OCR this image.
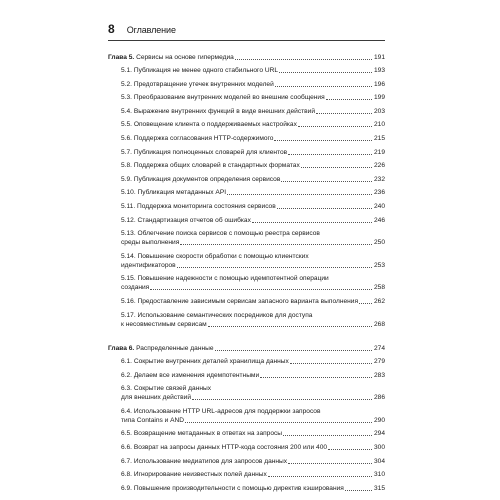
8 Оглавление
Глава 5. Сервисы на основе гипермедиа	191
5.1. Публикация не менее одного стабильного URL	193
5.2. Предотвращение утечек внутренних моделей	196
5.3. Преобразование внутренних моделей во внешние сообщения	199
5.4. Выражение внутренних функций в виде внешних действий	203
5.5. Оповещение клиента о поддерживаемых настройках	210
5.6. Поддержка согласования HTTP-содержимого	215
5.7. Публикация полноценных словарей для клиентов	219
5.8. Поддержка общих словарей в стандартных форматах	226
5.9. Публикация документов определения сервисов	232
5.10. Публикация метаданных API	236
5.11. Поддержка мониторинга состояния сервисов	240
5.12. Стандартизация отчетов об ошибках	246
5.13. Облегчение поиска сервисов с помощью реестра сервисов
среды выполнения	250
5.14. Повышение скорости обработки с помощью клиентских
идентификаторов	253
5.15. Повышение надежности с помощью идемпотентной операции
создания	258
5.16. Предоставление зависимым сервисам запасного варианта выполнения	262
5.17. Использование семантических посредников для доступа
к несовместимым сервисам	268
Глава 6. Распределенные данные	274
6.1. Сокрытие внутренних деталей хранилища данных	279
6.2. Делаем все изменения идемпотентными	283
6.3. Сокрытие связей данных
для внешних действий	286
6.4. Использование HTTP URL-адресов для поддержки запросов
типа Contains и AND	290
6.5. Возвращение метаданных в ответах на запросы	294
6.6. Возврат на запросы данных HTTP-кода состояния 200 или 400	300
6.7. Использование медиатипов для запросов данных	304
6.8. Игнорирование неизвестных полей данных	310
6.9. Повышение производительности с помощью директив кэширования	315
